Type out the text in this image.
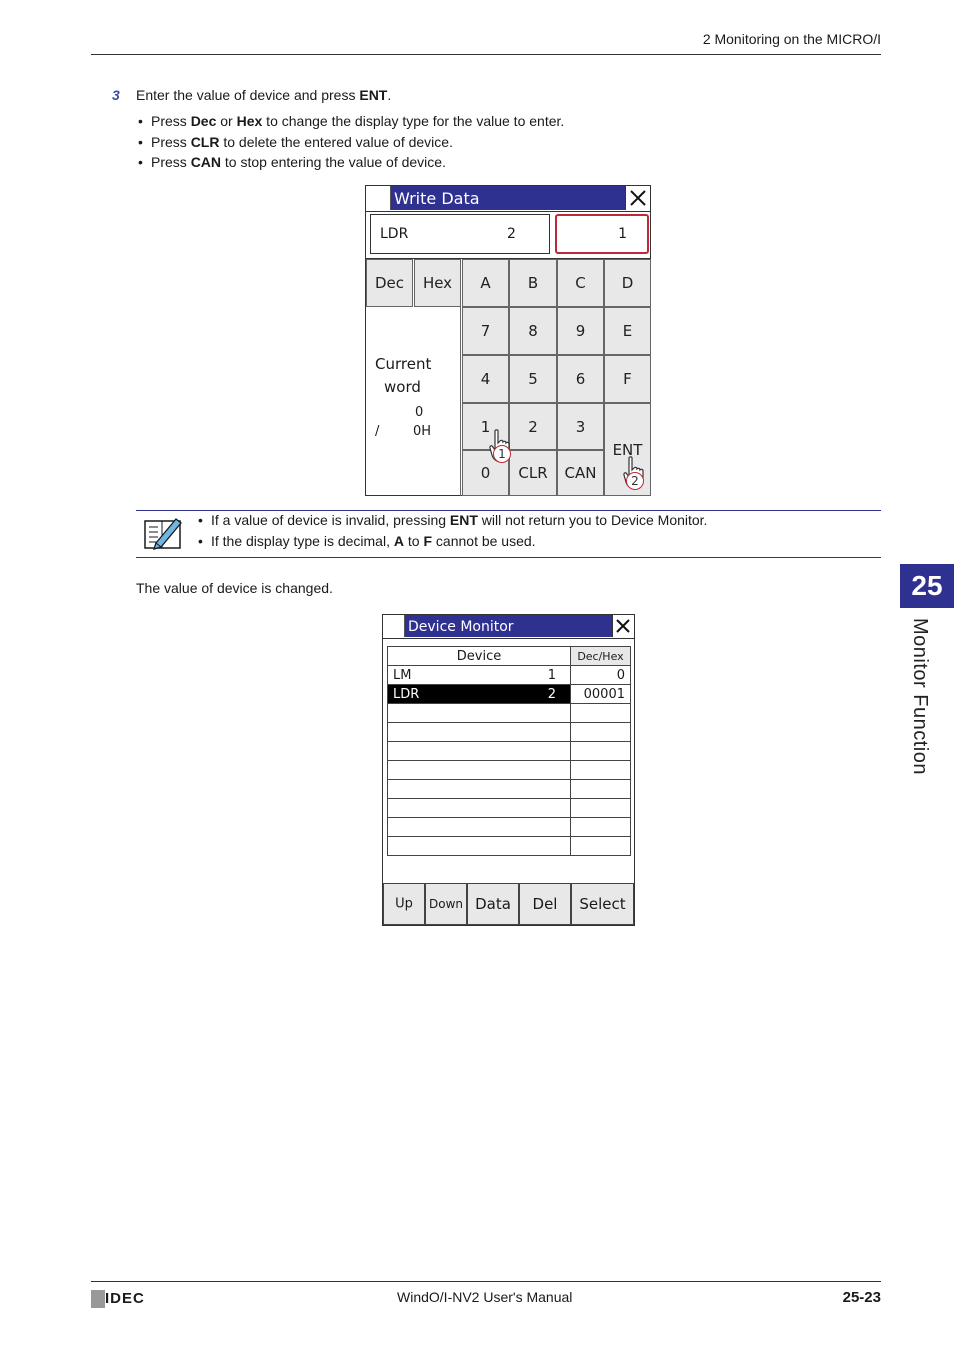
2 Monitoring on the MICRO/I
3 Enter the value of device and press ENT.
• Press Dec or Hex to change the display type for the value to enter.
• Press CLR to delete the entered value of device.
• Press CAN to stop entering the value of device.
Write Data
LDR	2	1
Dec	Hex	A	B	C	D
Current
word
0
/	0H
7	8	9	E
4	5	6	F
1	2	3
ENT
0	CLR	CAN
1
2
• If a value of device is invalid, pressing ENT will not return you to Device Monitor.
• If the display type is decimal, A to F cannot be used.
The value of device is changed.
Device Monitor
Device		Dec/Hex
LM	1	0
LDR	2	00001

Up	Down Data	Del	Select
25
Monitor Function
IDEC	WindO/I-NV2 User's Manual	25-23
